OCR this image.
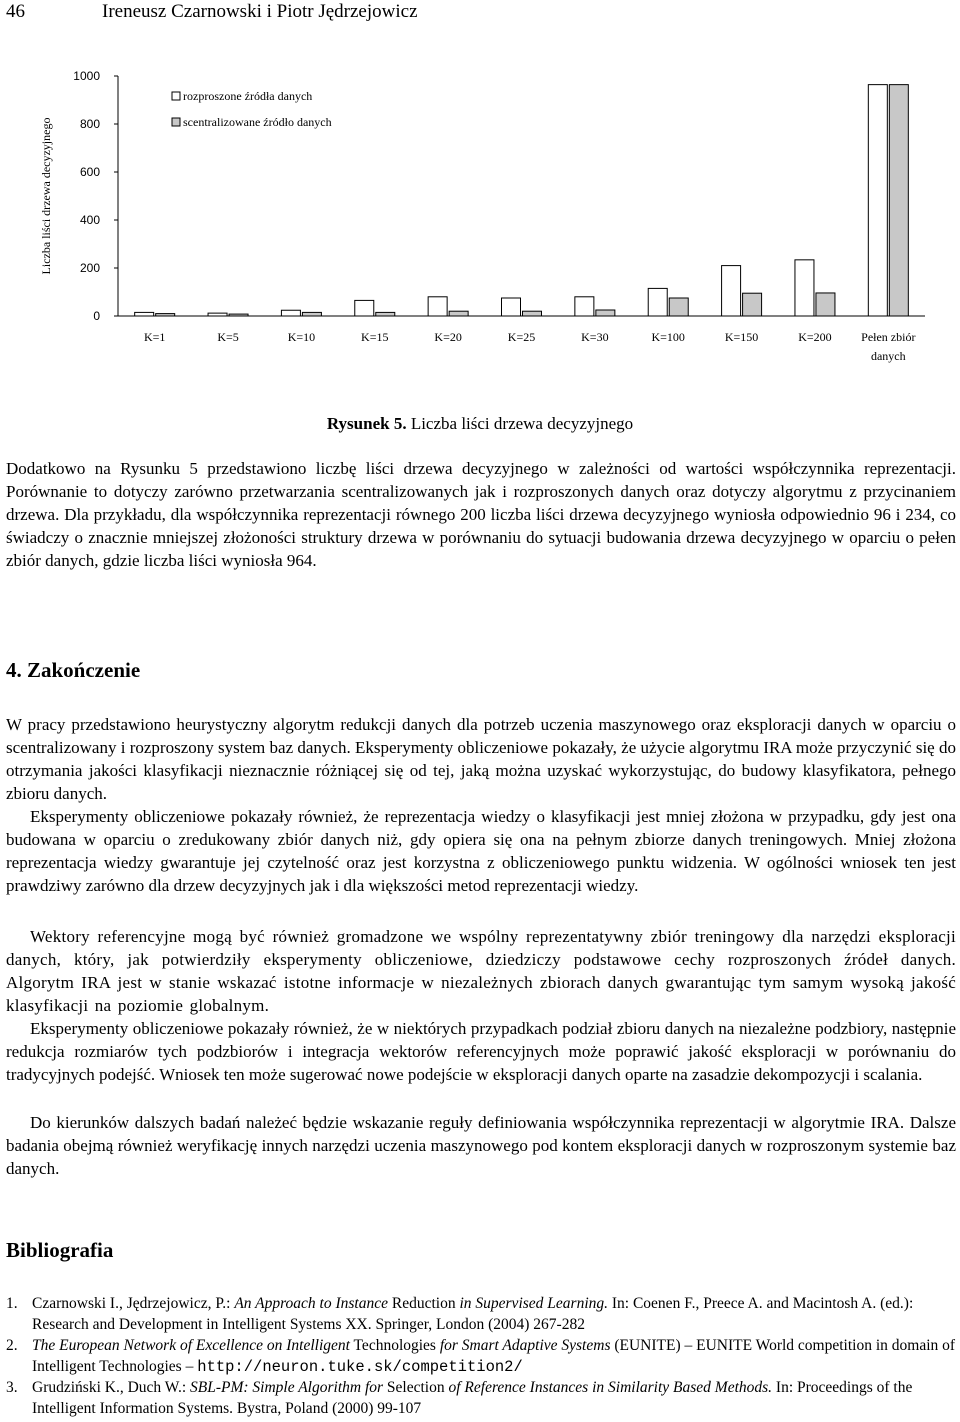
46	Ireneusz Czarnowski i Piotr Jędrzejowicz
0
200
400
600
800
1000
Liczba liści drzewa decyzyjnego
K=1	K=5	K=10	K=15	K=20	K=25	K=30	K=100	K=150	K=200 Pełen zbiór
danych
rozproszone źródła danych
scentralizowane źródło danych
Rysunek 5. Liczba liści drzewa decyzyjnego

Dodatkowo na Rysunku 5 przedstawiono liczbę liści drzewa decyzyjnego w zależności od wartości współczynnika reprezentacji. Porównanie to dotyczy zarówno przetwarzania scentralizowanych jak i rozproszonych danych oraz dotyczy algorytmu z przycinaniem drzewa. Dla przykładu, dla współczynnika reprezentacji równego 200 liczba liści drzewa decyzyjnego wyniosła odpowiednio 96 i 234, co świadczy o znacznie mniejszej złożoności struktury drzewa w porównaniu do sytuacji budowania drzewa decyzyjnego w oparciu o pełen zbiór danych, gdzie liczba liści wyniosła 964.

4. Zakończenie

W pracy przedstawiono heurystyczny algorytm redukcji danych dla potrzeb uczenia maszynowego oraz eksploracji danych w oparciu o scentralizowany i rozproszony system baz danych. Eksperymenty obliczeniowe pokazały, że użycie algorytmu IRA może przyczynić się do otrzymania jakości klasyfikacji nieznacznie różniącej się od tej, jaką można uzyskać wykorzystując, do budowy klasyfikatora, pełnego zbioru danych.

Eksperymenty obliczeniowe pokazały również, że reprezentacja wiedzy o klasyfikacji jest mniej złożona w przypadku, gdy jest ona budowana w oparciu o zredukowany zbiór danych niż, gdy opiera się ona na pełnym zbiorze danych treningowych. Mniej złożona reprezentacja wiedzy gwarantuje jej czytelność oraz jest korzystna z obliczeniowego punktu widzenia. W ogólności wniosek ten jest prawdziwy zarówno dla drzew decyzyjnych jak i dla większości metod reprezentacji wiedzy.

Wektory referencyjne mogą być również gromadzone we wspólny reprezentatywny zbiór treningowy dla narzędzi eksploracji danych, który, jak potwierdziły eksperymenty obliczeniowe, dziedziczy podstawowe cechy rozproszonych źródeł danych. Algorytm IRA jest w stanie wskazać istotne informacje w niezależnych zbiorach danych gwarantując tym samym wysoką jakość klasyfikacji na poziomie globalnym.

Eksperymenty obliczeniowe pokazały również, że w niektórych przypadkach podział zbioru danych na niezależne podzbiory, następnie redukcja rozmiarów tych podzbiorów i integracja wektorów referencyjnych może poprawić jakość eksploracji w porównaniu do tradycyjnych podejść. Wniosek ten może sugerować nowe podejście w eksploracji danych oparte na zasadzie dekompozycji i scalania.

Do kierunków dalszych badań należeć będzie wskazanie reguły definiowania współczynnika reprezentacji w algorytmie IRA. Dalsze badania obejmą również weryfikację innych narzędzi uczenia maszynowego pod kontem eksploracji danych w rozproszonym systemie baz danych.

Bibliografia
1. Czarnowski I., Jędrzejowicz, P.: An Approach to Instance Reduction in Supervised Learning. In: Coenen F., Preece A. and Macintosh A. (ed.): Research and Development in Intelligent Systems XX. Springer, London (2004) 267-282
2. The European Network of Excellence on Intelligent Technologies for Smart Adaptive Systems (EUNITE) – EUNITE World competition in domain of Intelligent Technologies – http://neuron.tuke.sk/competition2/
3. Grudziński K., Duch W.: SBL-PM: Simple Algorithm for Selection of Reference Instances in Similarity Based Methods. In: Proceedings of the Intelligent Information Systems. Bystra, Poland (2000) 99-107
